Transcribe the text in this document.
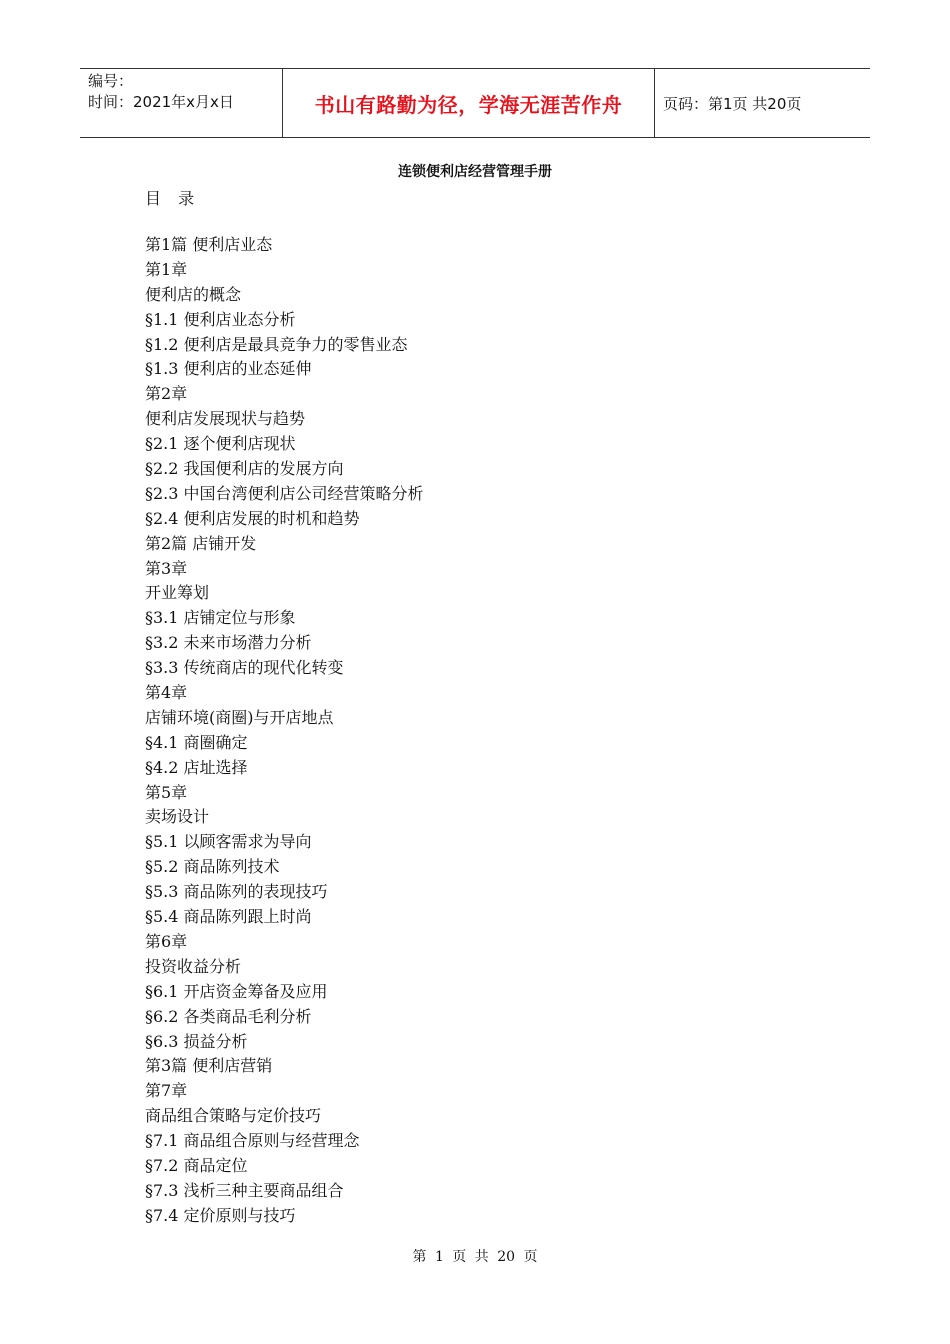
编号：
时间：2021年x月x日	书山有路勤为径，学海无涯苦作舟	页码：第1页 共20页
连锁便利店经营管理手册
目 录
第1篇 便利店业态
第1章
便利店的概念
§1.1 便利店业态分析
§1.2 便利店是最具竞争力的零售业态
§1.3 便利店的业态延伸
第2章
便利店发展现状与趋势
§2.1 逐个便利店现状
§2.2 我国便利店的发展方向
§2.3 中国台湾便利店公司经营策略分析
§2.4 便利店发展的时机和趋势
第2篇 店铺开发
第3章
开业筹划
§3.1 店铺定位与形象
§3.2 未来市场潜力分析
§3.3 传统商店的现代化转变
第4章
店铺环境(商圈)与开店地点
§4.1 商圈确定
§4.2 店址选择
第5章
卖场设计
§5.1 以顾客需求为导向
§5.2 商品陈列技术
§5.3 商品陈列的表现技巧
§5.4 商品陈列跟上时尚
第6章
投资收益分析
§6.1 开店资金筹备及应用
§6.2 各类商品毛利分析
§6.3 损益分析
第3篇 便利店营销
第7章
商品组合策略与定价技巧
§7.1 商品组合原则与经营理念
§7.2 商品定位
§7.3 浅析三种主要商品组合
§7.4 定价原则与技巧
第 1 页 共 20 页
